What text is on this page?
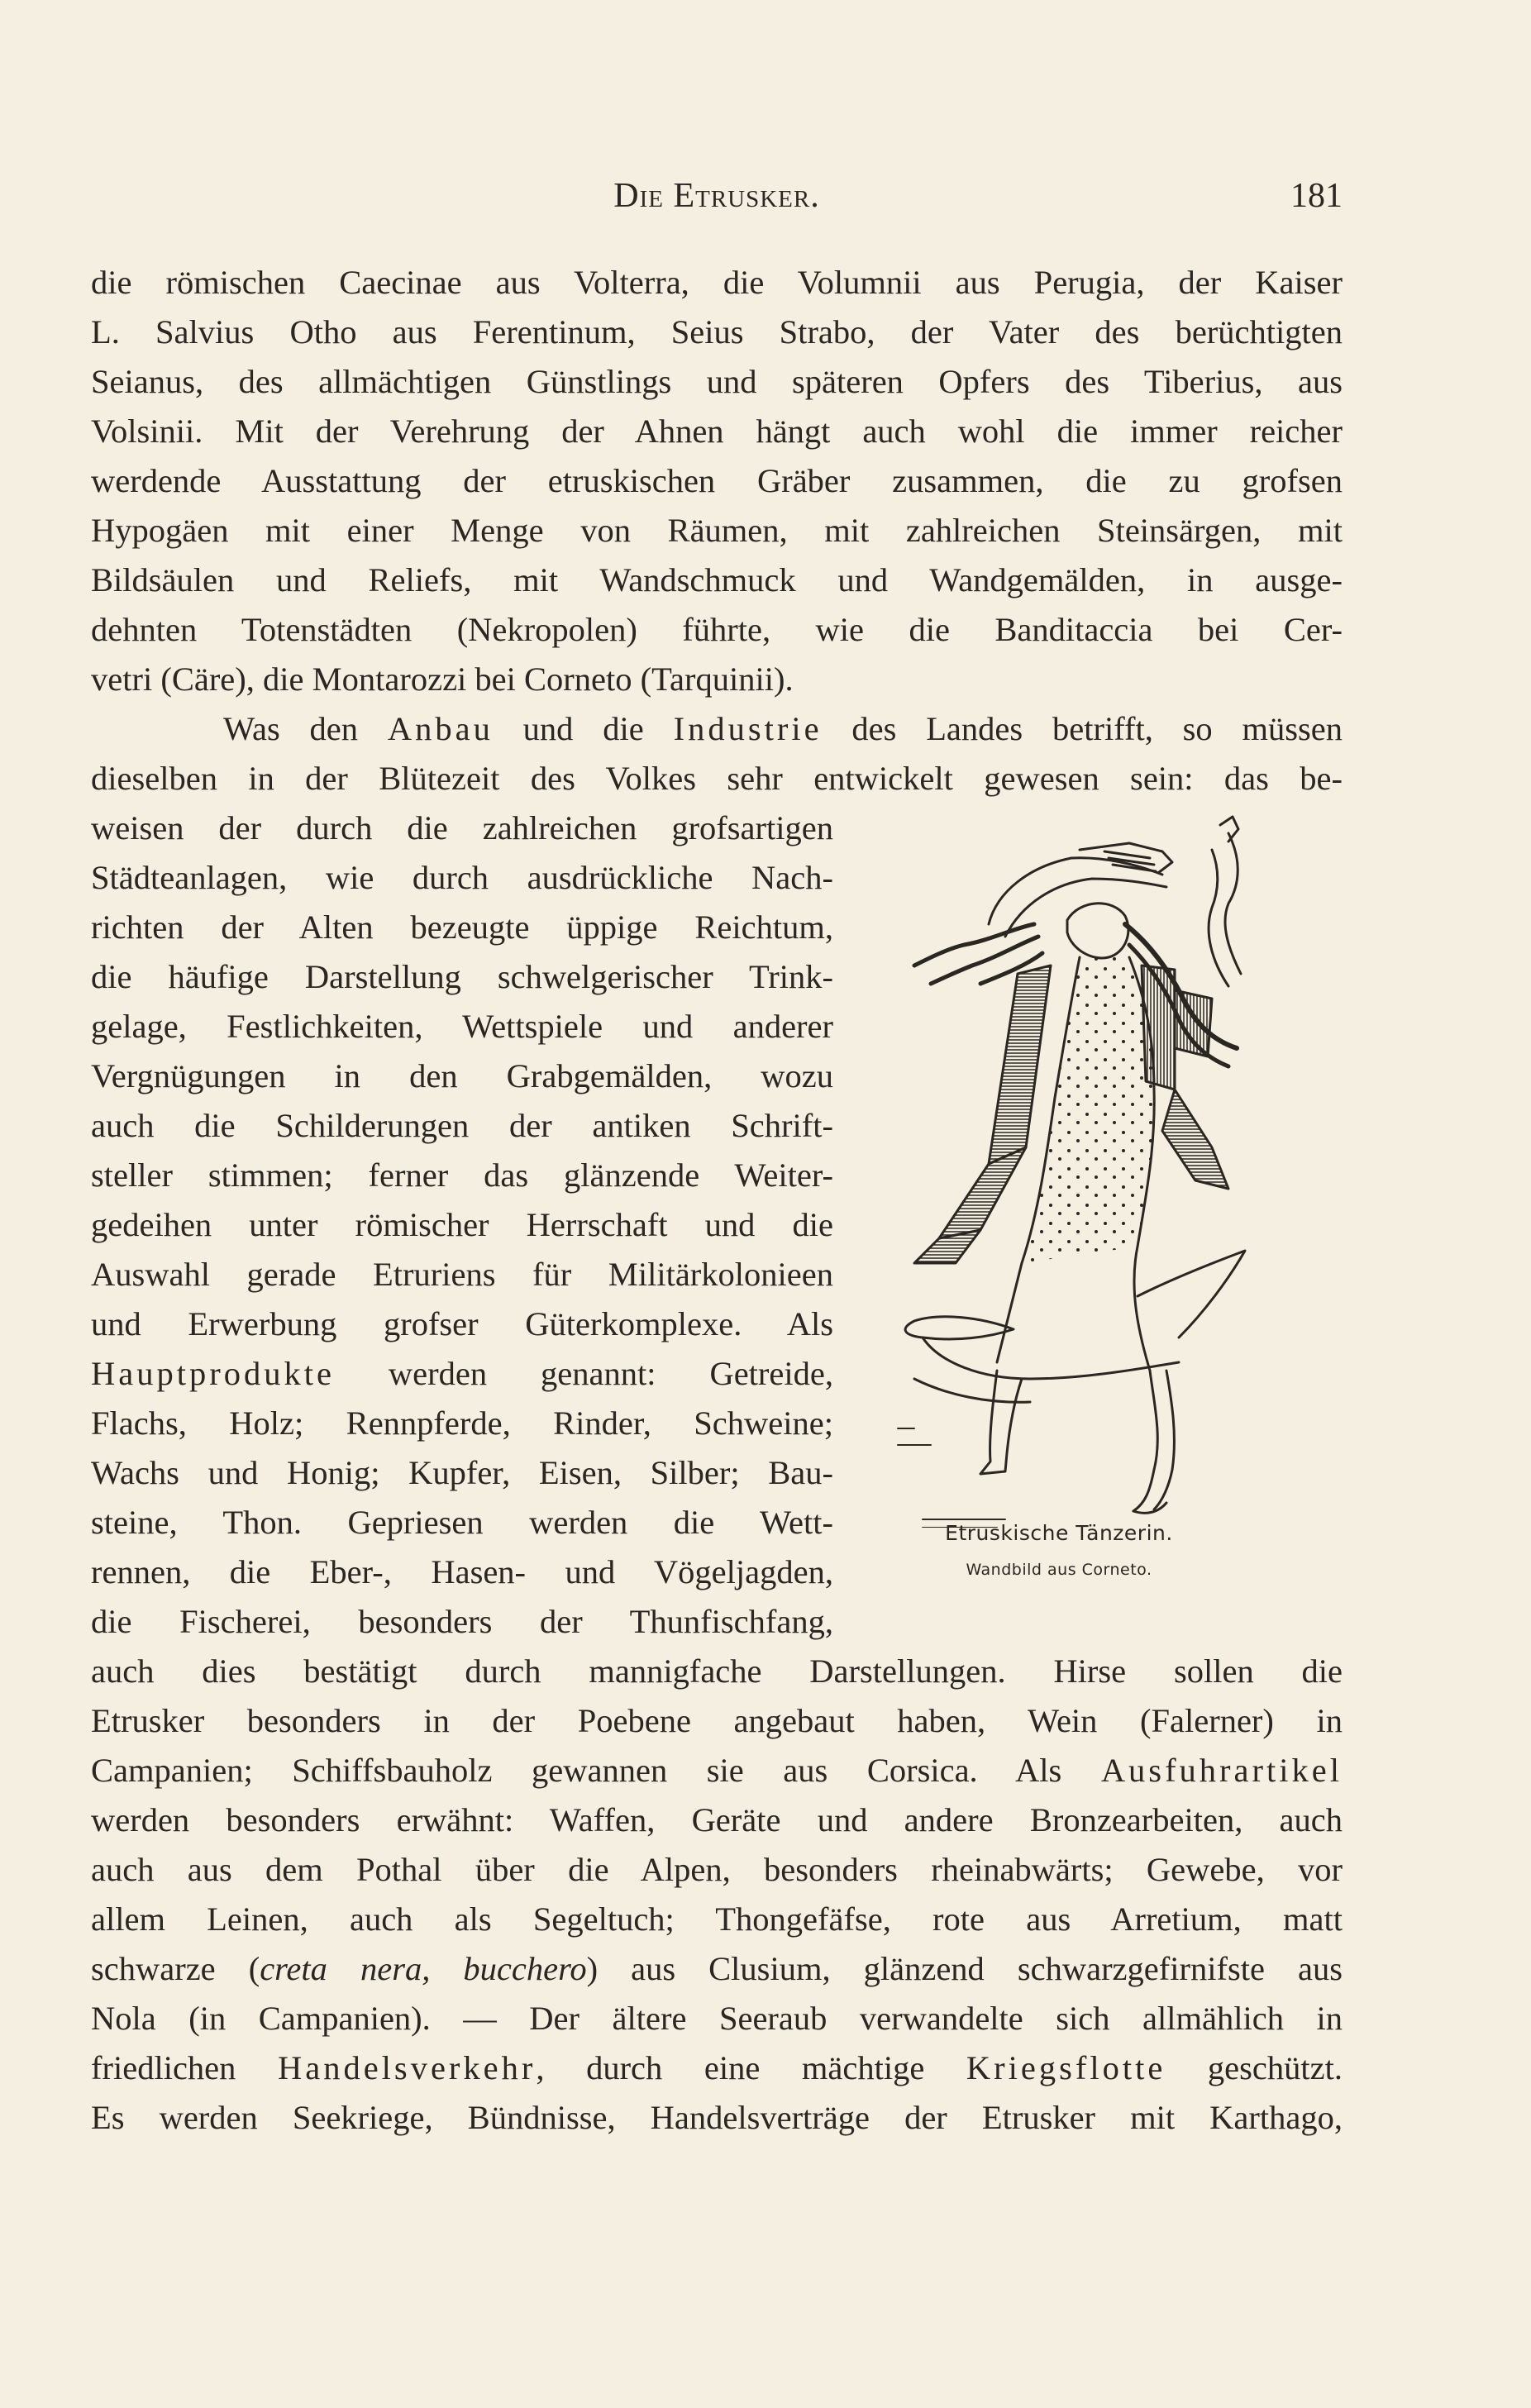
Die Etrusker.	181
die römischen Caecinae aus Volterra, die Volumnii aus Perugia, der Kaiser
L. Salvius Otho aus Ferentinum, Seius Strabo, der Vater des berüchtigten
Seianus, des allmächtigen Günstlings und späteren Opfers des Tiberius, aus
Volsinii. Mit der Verehrung der Ahnen hängt auch wohl die immer reicher
werdende Ausstattung der etruskischen Gräber zusammen, die zu grofsen
Hypogäen mit einer Menge von Räumen, mit zahlreichen Steinsärgen, mit
Bildsäulen und Reliefs, mit Wandschmuck und Wandgemälden, in ausge-
dehnten Totenstädten (Nekropolen) führte, wie die Banditaccia bei Cer-
vetri (Cäre), die Montarozzi bei Corneto (Tarquinii).
Was den Anbau und die Industrie des Landes betrifft, so müssen
dieselben in der Blütezeit des Volkes sehr entwickelt gewesen sein: das be-
weisen der durch die zahlreichen grofsartigen
Städteanlagen, wie durch ausdrückliche Nach-
richten der Alten bezeugte üppige Reichtum,
die häufige Darstellung schwelgerischer Trink-
gelage, Festlichkeiten, Wettspiele und anderer
Vergnügungen in den Grabgemälden, wozu
auch die Schilderungen der antiken Schrift-
steller stimmen; ferner das glänzende Weiter-
gedeihen unter römischer Herrschaft und die
Auswahl gerade Etruriens für Militärkolonieen
und Erwerbung grofser Güterkomplexe. Als
Hauptprodukte werden genannt: Getreide,
Flachs, Holz; Rennpferde, Rinder, Schweine;
Wachs und Honig; Kupfer, Eisen, Silber; Bau-
steine, Thon. Gepriesen werden die Wett-
rennen, die Eber-, Hasen- und Vögeljagden,
die Fischerei, besonders der Thunfischfang,
auch dies bestätigt durch mannigfache Darstellungen. Hirse sollen die
Etrusker besonders in der Poebene angebaut haben, Wein (Falerner) in
Campanien; Schiffsbauholz gewannen sie aus Corsica. Als Ausfuhrartikel
werden besonders erwähnt: Waffen, Geräte und andere Bronzearbeiten, auch
auch aus dem Pothal über die Alpen, besonders rheinabwärts; Gewebe, vor
allem Leinen, auch als Segeltuch; Thongefäfse, rote aus Arretium, matt
schwarze (creta nera, bucchero) aus Clusium, glänzend schwarzgefirnifste aus
Nola (in Campanien). — Der ältere Seeraub verwandelte sich allmählich in
friedlichen Handelsverkehr, durch eine mächtige Kriegsflotte geschützt.
Es werden Seekriege, Bündnisse, Handelsverträge der Etrusker mit Karthago,
Etruskische Tänzerin.
Wandbild aus Corneto.
